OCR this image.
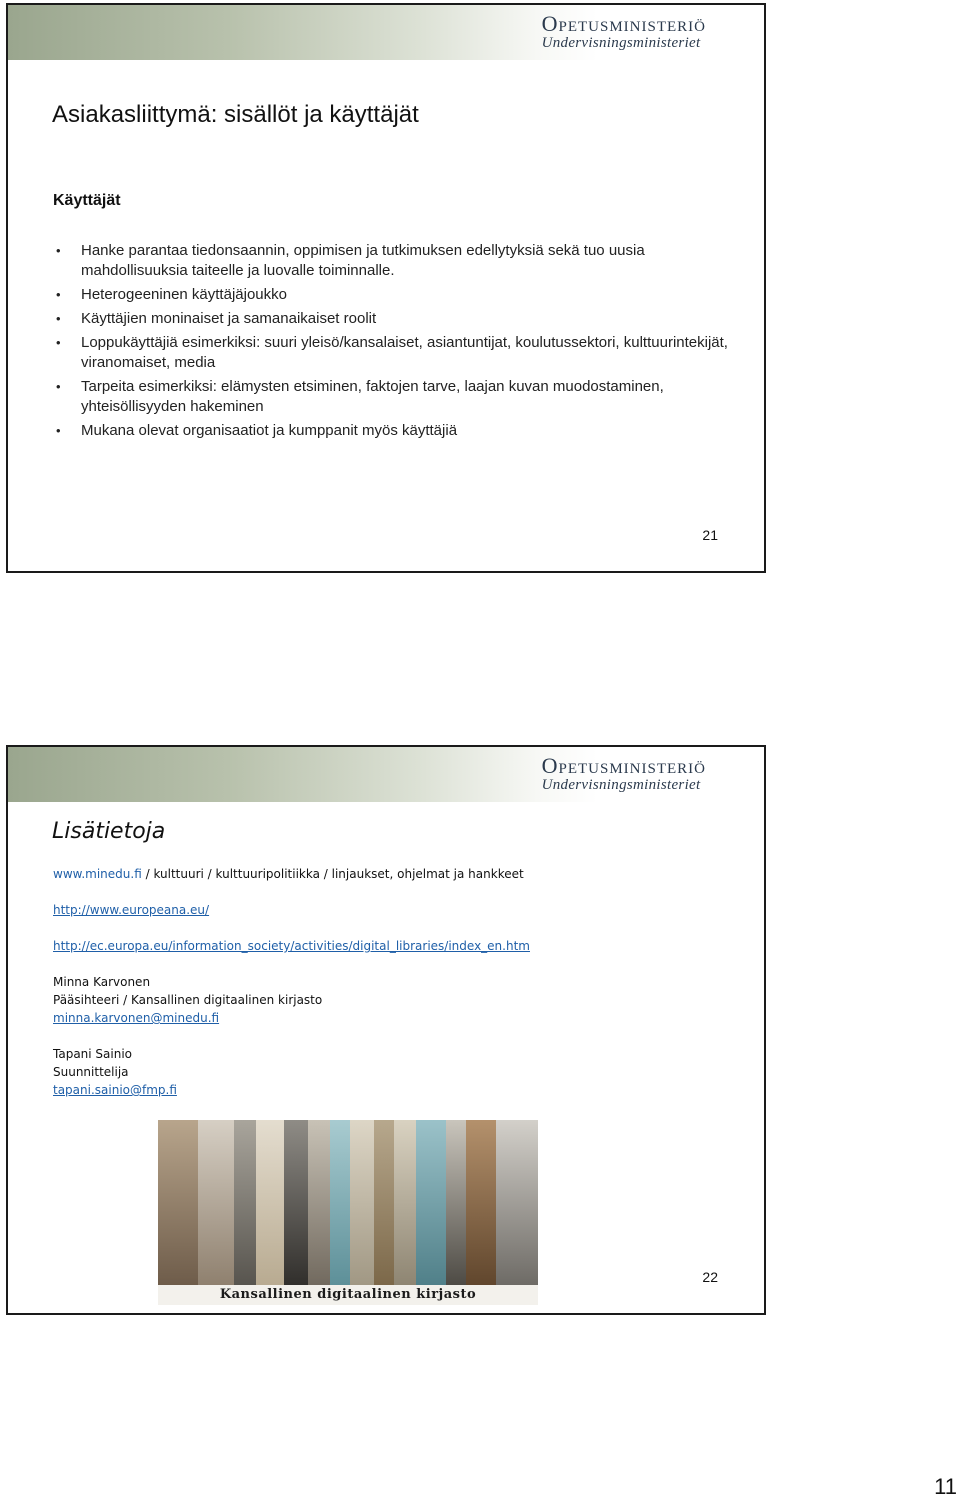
Opetusministeriö
Undervisningsministeriet
Asiakasliittymä: sisällöt ja käyttäjät
Käyttäjät
• Hanke parantaa tiedonsaannin, oppimisen ja tutkimuksen edellytyksiä sekä tuo uusia mahdollisuuksia taiteelle ja luovalle toiminnalle.
• Heterogeeninen käyttäjäjoukko
• Käyttäjien moninaiset ja samanaikaiset roolit
• Loppukäyttäjiä esimerkiksi: suuri yleisö/kansalaiset, asiantuntijat, koulutussektori, kulttuurintekijät, viranomaiset, media
• Tarpeita esimerkiksi: elämysten etsiminen, faktojen tarve, laajan kuvan muodostaminen, yhteisöllisyyden hakeminen
• Mukana olevat organisaatiot ja kumppanit myös käyttäjiä
21
Opetusministeriö
Undervisningsministeriet
Lisätietoja
www.minedu.fi / kulttuuri / kulttuuripolitiikka / linjaukset, ohjelmat ja hankkeet
http://www.europeana.eu/
http://ec.europa.eu/information_society/activities/digital_libraries/index_en.htm
Minna Karvonen
Pääsihteeri / Kansallinen digitaalinen kirjasto
minna.karvonen@minedu.fi
Tapani Sainio
Suunnittelija
tapani.sainio@fmp.fi
22
Kansallinen digitaalinen kirjasto
11
